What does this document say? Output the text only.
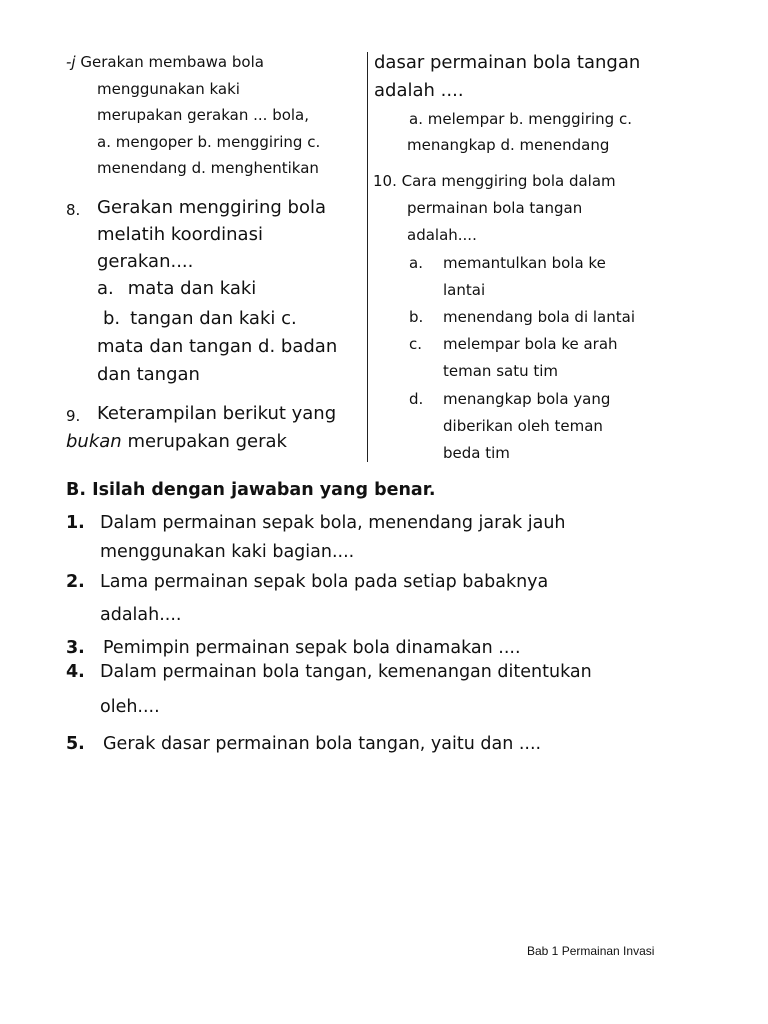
-j Gerakan membawa bola
menggunakan kaki
merupakan gerakan ... bola,
a. mengoper b. menggiring c.
menendang d. menghentikan
8. Gerakan menggiring bola
melatih koordinasi
gerakan....
a. mata dan kaki
b. tangan dan kaki c.
mata dan tangan d. badan
dan tangan
9. Keterampilan berikut yang
bukan merupakan gerak
dasar permainan bola tangan
adalah ....
a. melempar b. menggiring c.
menangkap d. menendang
10. Cara menggiring bola dalam
permainan bola tangan
adalah....
a. memantulkan bola ke
lantai
b. menendang bola di lantai
c. melempar bola ke arah
teman satu tim
d. menangkap bola yang
diberikan oleh teman
beda tim
B. Isilah dengan jawaban yang benar.
1. Dalam permainan sepak bola, menendang jarak jauh
menggunakan kaki bagian....
2. Lama permainan sepak bola pada setiap babaknya
adalah....
3. Pemimpin permainan sepak bola dinamakan ....
4. Dalam permainan bola tangan, kemenangan ditentukan
oleh....
5. Gerak dasar permainan bola tangan, yaitu dan ....
Bab 1 Permainan Invasi
